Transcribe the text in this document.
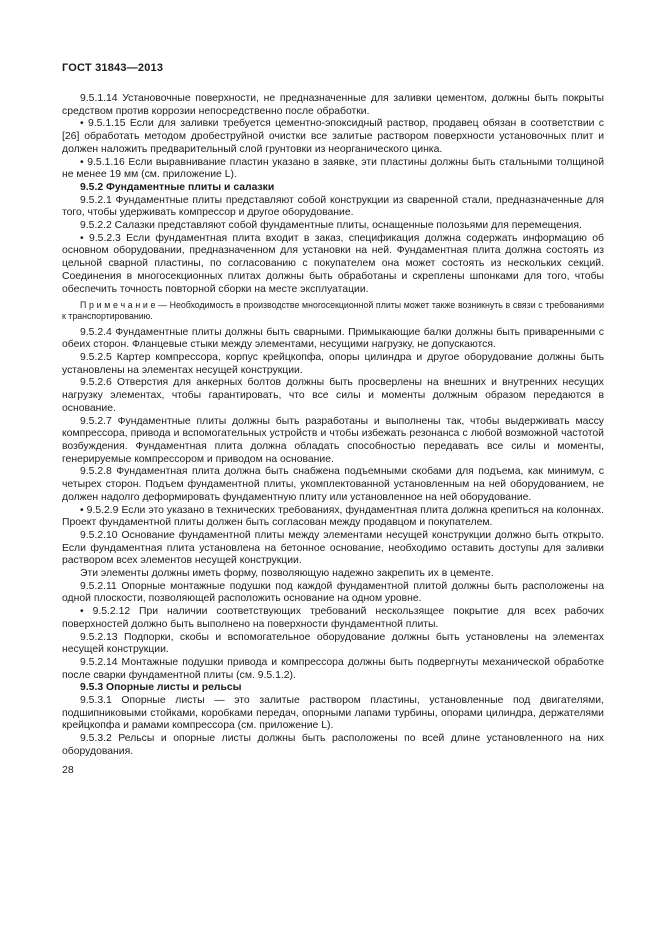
ГОСТ 31843—2013

9.5.1.14 Установочные поверхности, не предназначенные для заливки цементом, должны быть покрыты средством против коррозии непосредственно после обработки.

• 9.5.1.15 Если для заливки требуется цементно-эпоксидный раствор, продавец обязан в соответствии с [26] обработать методом дробеструйной очистки все залитые раствором поверхности установочных плит и должен наложить предварительный слой грунтовки из неорганического цинка.

• 9.5.1.16 Если выравнивание пластин указано в заявке, эти пластины должны быть стальными толщиной не менее 19 мм (см. приложение L).

9.5.2 Фундаментные плиты и салазки

9.5.2.1 Фундаментные плиты представляют собой конструкции из сваренной стали, предназначенные для того, чтобы удерживать компрессор и другое оборудование.

9.5.2.2 Салазки представляют собой фундаментные плиты, оснащенные полозьями для перемещения.

• 9.5.2.3 Если фундаментная плита входит в заказ, спецификация должна содержать информацию об основном оборудовании, предназначенном для установки на ней. Фундаментная плита должна состоять из цельной сварной пластины, по согласованию с покупателем она может состоять из нескольких секций. Соединения в многосекционных плитах должны быть обработаны и скреплены шпонками для того, чтобы обеспечить точность повторной сборки на месте эксплуатации.

П р и м е ч а н и е — Необходимость в производстве многосекционной плиты может также возникнуть в связи с требованиями к транспортированию.

9.5.2.4 Фундаментные плиты должны быть сварными. Примыкающие балки должны быть приваренными с обеих сторон. Фланцевые стыки между элементами, несущими нагрузку, не допускаются.

9.5.2.5 Картер компрессора, корпус крейцкопфа, опоры цилиндра и другое оборудование должны быть установлены на элементах несущей конструкции.

9.5.2.6 Отверстия для анкерных болтов должны быть просверлены на внешних и внутренних несущих нагрузку элементах, чтобы гарантировать, что все силы и моменты должным образом передаются в основание.

9.5.2.7 Фундаментные плиты должны быть разработаны и выполнены так, чтобы выдерживать массу компрессора, привода и вспомогательных устройств и чтобы избежать резонанса с любой возможной частотой возбуждения. Фундаментная плита должна обладать способностью передавать все силы и моменты, генерируемые компрессором и приводом на основание.

9.5.2.8 Фундаментная плита должна быть снабжена подъемными скобами для подъема, как минимум, с четырех сторон. Подъем фундаментной плиты, укомплектованной установленным на ней оборудованием, не должен надолго деформировать фундаментную плиту или установленное на ней оборудование.

• 9.5.2.9 Если это указано в технических требованиях, фундаментная плита должна крепиться на колоннах. Проект фундаментной плиты должен быть согласован между продавцом и покупателем.

9.5.2.10 Основание фундаментной плиты между элементами несущей конструкции должно быть открыто. Если фундаментная плита установлена на бетонное основание, необходимо оставить доступы для заливки раствором всех элементов несущей конструкции.

Эти элементы должны иметь форму, позволяющую надежно закрепить их в цементе.

9.5.2.11 Опорные монтажные подушки под каждой фундаментной плитой должны быть расположены на одной плоскости, позволяющей расположить основание на одном уровне.

• 9.5.2.12 При наличии соответствующих требований нескользящее покрытие для всех рабочих поверхностей должно быть выполнено на поверхности фундаментной плиты.

9.5.2.13 Подпорки, скобы и вспомогательное оборудование должны быть установлены на элементах несущей конструкции.

9.5.2.14 Монтажные подушки привода и компрессора должны быть подвергнуты механической обработке после сварки фундаментной плиты (см. 9.5.1.2).

9.5.3 Опорные листы и рельсы

9.5.3.1 Опорные листы — это залитые раствором пластины, установленные под двигателями, подшипниковыми стойками, коробками передач, опорными лапами турбины, опорами цилиндра, держателями крейцкопфа и рамами компрессора (см. приложение L).

9.5.3.2 Рельсы и опорные листы должны быть расположены по всей длине установленного на них оборудования.

28
